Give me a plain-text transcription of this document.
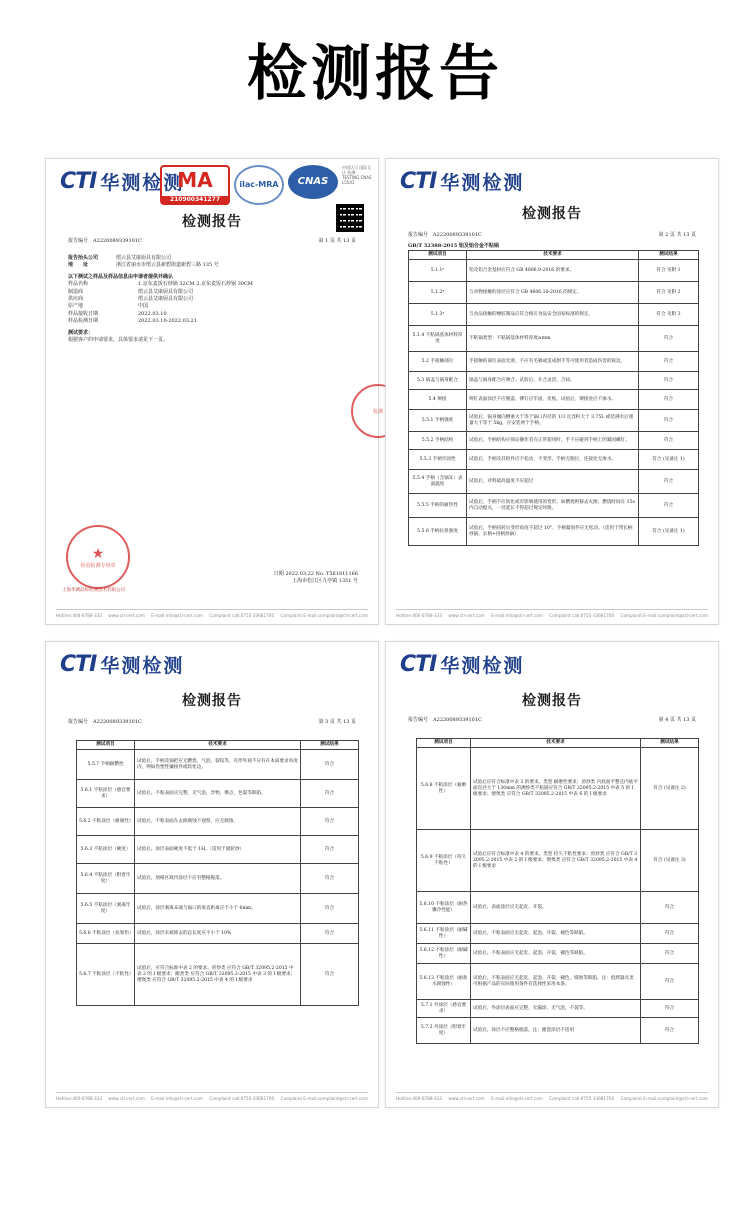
检测报告
CTI 华测检测
MA
210900341277
ilac-MRA	CNAS
中国认可 国际互认 检测 TESTING CNAS L5541
检测报告
报告编号　 A2220089339101C	第 1 页 共 13 页
报告抬头公司	缙云县艾康厨具有限公司
地　　址	浙江省丽水市缙云县新碧街道新碧三路 135 号
以下测试之样品及样品信息由申请者提供并确认
样品名称	1.京东麦饭石炒锅 32CM 2.京东麦饭石炒锅 30CM
制造商	缙云县艾康厨具有限公司
供应商	缙云县艾康厨具有限公司
原产地	中国
样品接收日期	2022.03.10
样品检测日期	2022.03.10-2022.03.21
测试要求：
根据客户的申请要求，具体要求请见下一页。
★
检验检测专用章
检测
日期 2022.03.22 No. T561811166
上海市松江区九亭镇 1351 号
上海华测品标检测技术有限公司
Hotline:400-6788-333 www.cti-cert.com E-mail:info@cti-cert.com Complaint call:0755-33681700 Complaint E-mail:complaint@cti-cert.com
CTI 华测检测
检测报告
报告编号　 A2220089339101C	第 2 页 共 13 页
GB/T 32388-2015 铝及铝合金不粘锅
测试项目	技术要求	测试结果
5.1.1ᵃ	铝及铝合金基材应符合 GB 4806.9-2016 的要求。	符合 见附 1
5.1.2ᵃ	与食物接触的涂层应符合 GB 4806.10-2016 的规定。	符合 见附 2
5.1.3ᵃ	与食品接触的橡胶制品应符合相应食品安全国家标准的规定。	符合 见附 3
5.1.4 不粘锅基体材料厚度	不粘锅类型：不粘锅基体材料厚度≥mm	符合
5.2 手接触部位	手接触的部位表面光滑，不应有毛刺或造成割手等可使用者造成伤害的锐边。	符合
5.3 锅盖与锅身配合	锅盖与锅身配合应吻合。试验后，开合灵活，合却。	符合
5.4 铆接	铆钉表面涂层不应脱落，铆钉应牢固，伏贴。试验后，铆接处应不渗水。	符合
5.5.1 手柄强度	试验后，锅身倾向侧重大于等于锅口内径的 1/3 且容积大于 3.75L 或装满水后重量大于等于 5kg，应安装两个手柄。	符合
5.5.2 手柄结构	试验后，手柄结构应保证操作者在正常使用时，手不应碰到手柄上的紧固螺钉。	符合
5.5.3 手柄牢固性	试验后，手柄及其组件应不松动，不变形，手柄无脱位，连接处无渗水。	符合 (见备注 1)
5.5.4 手柄（含锅耳）表面温度	试验后，对料最高温度不应超过	符合
5.5.5 手柄的耐热性	试验后，手柄不应软化或有影响使用的变形，如燃烧则移去火源，燃烧时间在 15s 内自动熄灭，一处延长不得超过规定时限。	符合
5.5.6 手柄抗扭强度	试验后，手柄扭转后变形角度不超过 10°，手柄紧固件应无松动。（适用于带长柄炒锅，长柄+扭柄炒锅）	符合 (见备注 1)
Hotline:400-6788-333 www.cti-cert.com E-mail:info@cti-cert.com Complaint call:0755-33681700 Complaint E-mail:complaint@cti-cert.com
CTI 华测检测
检测报告
报告编号　 A2220089339101C	第 3 页 共 13 页
测试项目	技术要求	测试结果
5.5.7 手柄耐燃性	试验后，手柄及锅把应无燃烧，气泡，裂纹等，有形外观不应有在本质要求角度内，例如热塑性镶接件或软化边。	符合
5.6.1 不粘涂层（感官要求）	试验后，不粘表面应完整，无气泡，异物，爆点，色裂等缺陷。	符合
5.6.2 不粘涂层（耐腐性）	试验后，不粘表面在去除腐蚀下观察，应无腐蚀。	符合
5.6.3 不粘涂层（硬度）	试验后，涂层表面硬度不低于 1H。（适用于滚轮炒）	符合
5.6.4 不粘涂层（附着牢度）	试验后，划格区域内涂层不应有整格脱落。	符合
5.6.5 不粘涂层（剥离牢度）	试验后，涂层剥离末端与锅口的垂直距离应不小于 6mm。	符合
5.6.6 不粘涂层（抗划伤）	试验后，涂层未被除去的总长度应不小于 10%	符合
5.6.7 不粘涂层（不粘性）	试验后，应符合标准中表 2 的要求。煎炒类 应符合 GB/T 32095.2-2015 中表 2 的 I 级要求；搬煮类 应符合 GB/T 32095.2-2015 中表 3 的 I 级要求；煨煲类 应符合 GB/T 32095.2-2015 中表 4 的 I 级要求	符合
Hotline:400-6788-333 www.cti-cert.com E-mail:info@cti-cert.com Complaint call:0755-33681700 Complaint E-mail:complaint@cti-cert.com
CTI 华测检测
检测报告
报告编号　 A2220089339101C	第 4 页 共 13 页
测试项目	技术要求	测试结果
5.6.8 不粘涂层（耐磨性）	试验后应符合标准中表 3 的要求。类型 耐磨性要求；煎炒类 内底面平整且内底平面直径大于 130mm 的测炒类不粘锅应符合 GB/T 32095.2-2015 中表 5 的 I 级要求；煨煲类 应符合 GB/T 32095.2-2015 中表 6 的 I 级要求	符合 (见备注 2)
5.6.9 不粘涂层（持久不粘性）	试验后应符合标准中表 4 的要求。类型 持久不粘性要求；煎炒类 应符合 GB/T 32095.2-2015 中表 2 的 I 级要求；煨煲类 应符合 GB/T 32095.2-2015 中表 4 的 I 级要求	符合 (见备注 3)
5.6.10 不粘涂层（耐热骤冷性能）	试验后，表面涂层应无起皮、开裂。	符合
5.6.11 不粘涂层（耐碱性）	试验后，不粘表面应无起皮、起泡、开裂、褪色等缺陷。	符合
5.6.12 不粘涂层（耐碱性）	试验后，不粘表面应无起皮、起泡、开裂、褪色等缺陷。	符合
5.6.13 不粘涂层（耐盐水腐蚀性）	试验后，不粘表面应无起皮、起泡、开裂、褪色、腐蚀等缺陷。注：低烤器具类可根据产品的实际使用条件有选择性采用本条。	符合
5.7.1 外涂层（感官要求）	试验后，外涂层表面应完整，无漏涂、无气泡，不裂等。	符合
5.7.2 外涂层（附着牢度）	试验后，涂层不应整格脱落。注：搪瓷涂层不适用	符合
Hotline:400-6788-333 www.cti-cert.com E-mail:info@cti-cert.com Complaint call:0755-33681700 Complaint E-mail:complaint@cti-cert.com
